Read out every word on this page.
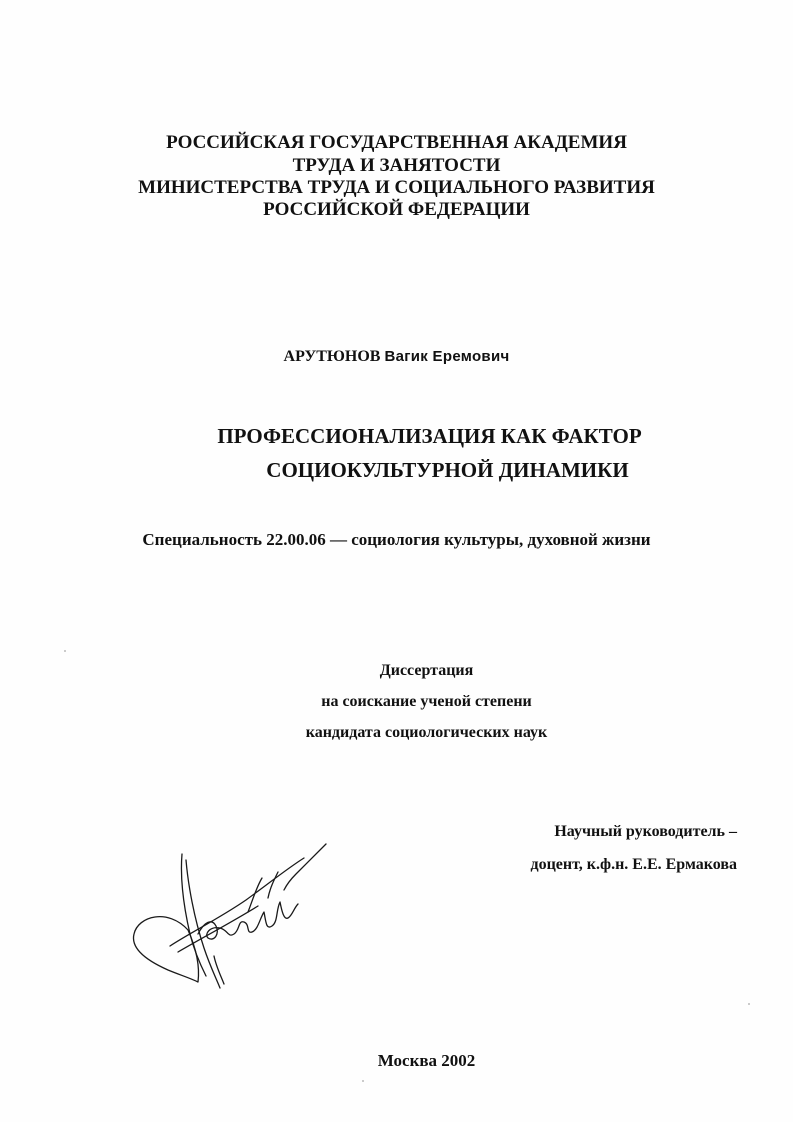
РОССИЙСКАЯ ГОСУДАРСТВЕННАЯ АКАДЕМИЯ
ТРУДА И ЗАНЯТОСТИ
МИНИСТЕРСТВА ТРУДА И СОЦИАЛЬНОГО РАЗВИТИЯ
РОССИЙСКОЙ ФЕДЕРАЦИИ
АРУТЮНОВ Вагик Еремович
ПРОФЕССИОНАЛИЗАЦИЯ КАК ФАКТОР
СОЦИОКУЛЬТУРНОЙ ДИНАМИКИ
Специальность 22.00.06 — социология культуры, духовной жизни
Диссертация
на соискание ученой степени
кандидата социологических наук
Научный руководитель –
доцент, к.ф.н. Е.Е. Ермакова
Москва 2002
